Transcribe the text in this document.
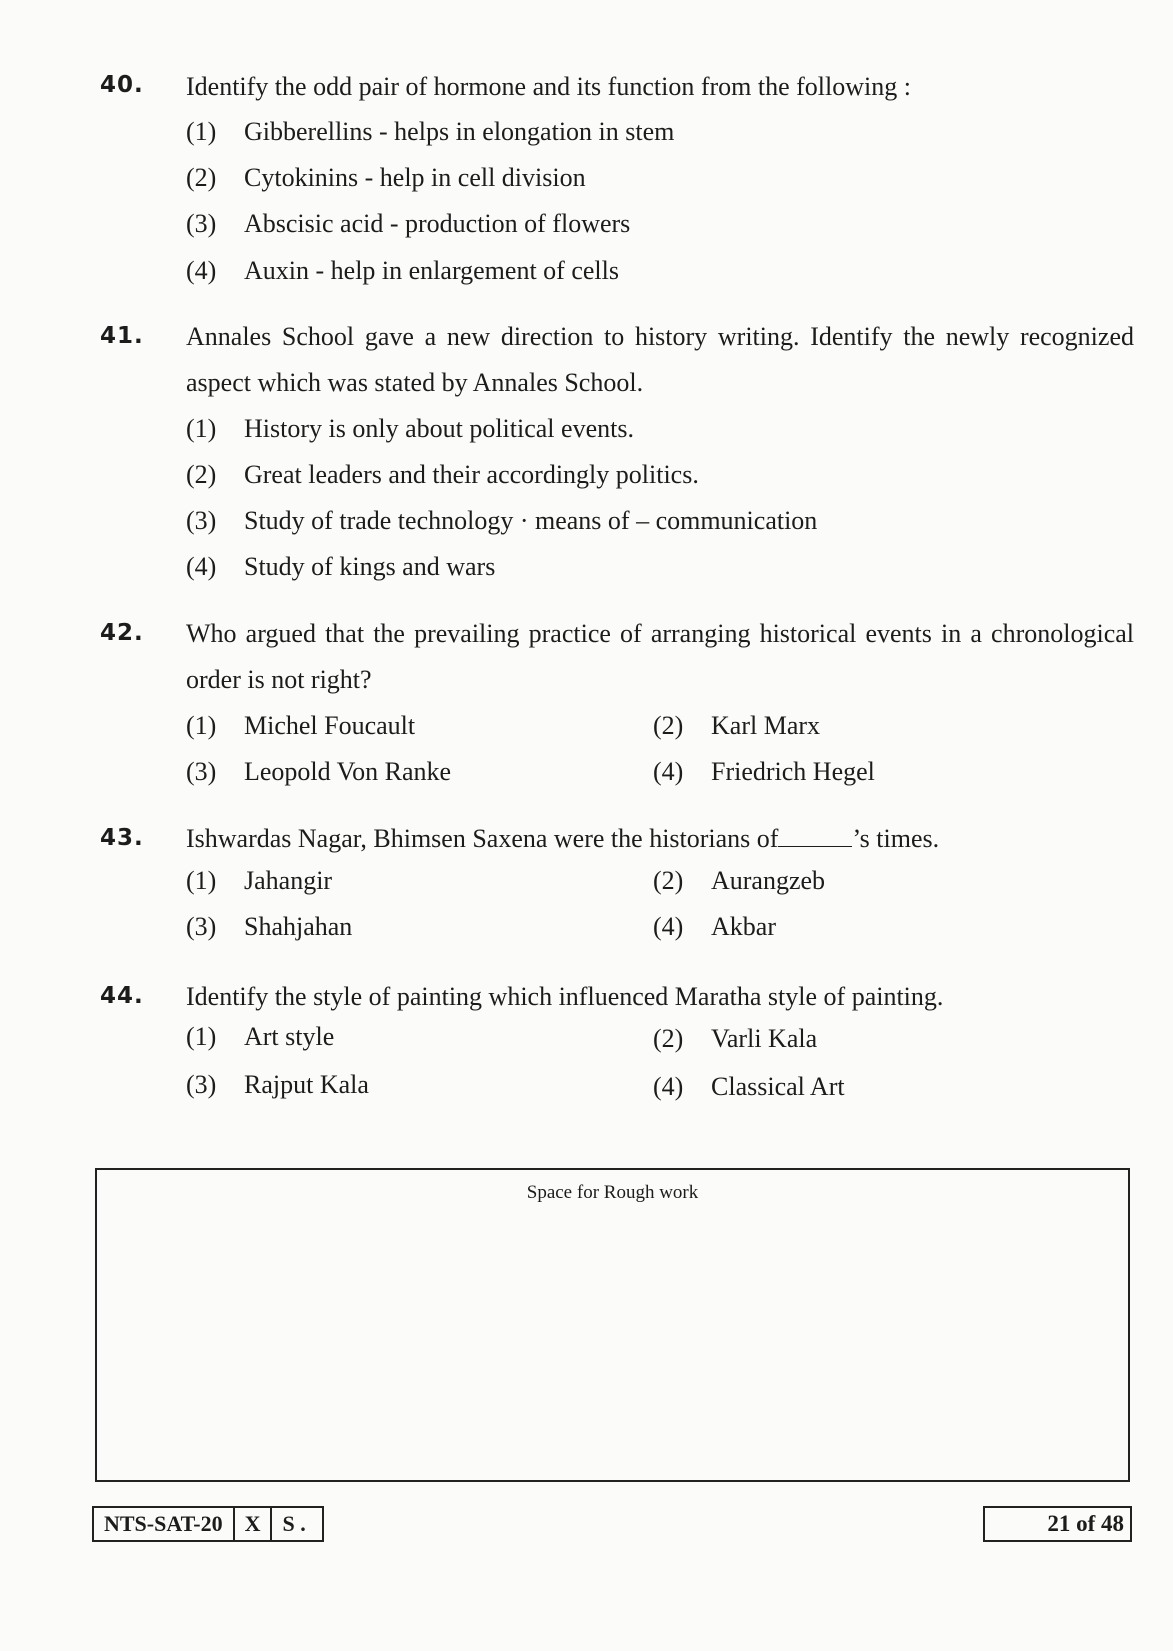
40. Identify the odd pair of hormone and its function from the following :
(1) Gibberellins - helps in elongation in stem
(2) Cytokinins - help in cell division
(3) Abscisic acid - production of flowers
(4) Auxin - help in enlargement of cells
41. Annales School gave a new direction to history writing. Identify the newly recognized aspect which was stated by Annales School.
(1) History is only about political events.
(2) Great leaders and their accordingly politics.
(3) Study of trade technology · means of – communication
(4) Study of kings and wars
42. Who argued that the prevailing practice of arranging historical events in a chronological order is not right?
(1) Michel Foucault	(2) Karl Marx
(3) Leopold Von Ranke	(4) Friedrich Hegel
43. Ishwardas Nagar, Bhimsen Saxena were the historians of	’s times.
(1) Jahangir	(2) Aurangzeb
(3) Shahjahan	(4) Akbar
44. Identify the style of painting which influenced Maratha style of painting.
(1) Art style	(2) Varli Kala
(3) Rajput Kala	(4) Classical Art
Space for Rough work
NTS-SAT-20	X	S .	21 of 48
